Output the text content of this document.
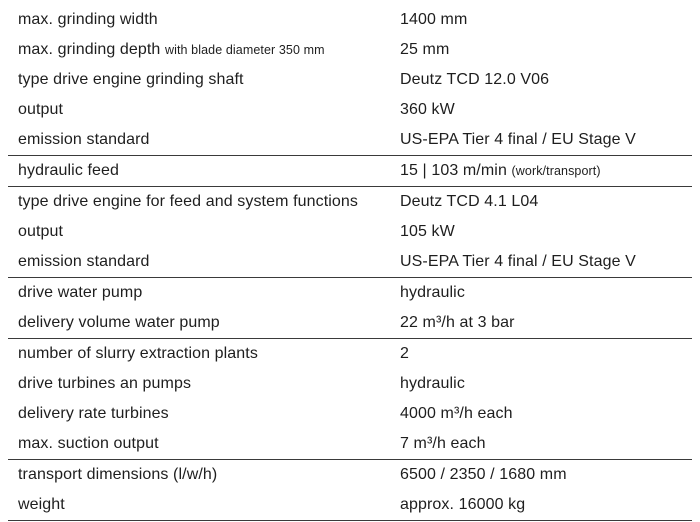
max. grinding width	1400 mm
max. grinding depth with blade diameter 350 mm	25 mm
type drive engine grinding shaft	Deutz TCD 12.0 V06
output	360 kW
emission standard	US-EPA Tier 4 final / EU Stage V
hydraulic feed	15 | 103 m/min (work/transport)
type drive engine for feed and system functions	Deutz TCD 4.1 L04
output	105 kW
emission standard	US-EPA Tier 4 final / EU Stage V
drive water pump	hydraulic
delivery volume water pump	22 m³/h at 3 bar
number of slurry extraction plants	2
drive turbines an pumps	hydraulic
delivery rate turbines	4000 m³/h each
max. suction output	7 m³/h each
transport dimensions (l/w/h)	6500 / 2350 / 1680 mm
weight	approx. 16000 kg
